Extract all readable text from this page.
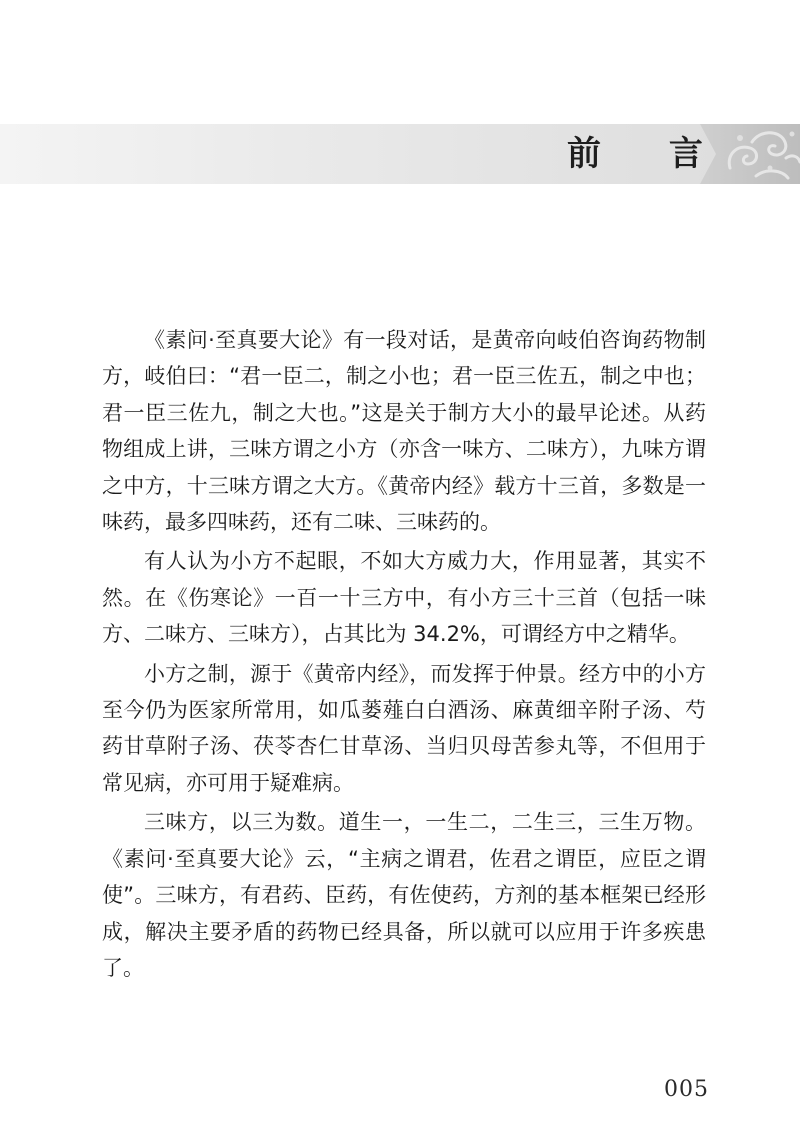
前 言

《素问·至真要大论》有一段对话，是黄帝向岐伯咨询药物制方，岐伯曰：“君一臣二，制之小也；君一臣三佐五，制之中也；君一臣三佐九，制之大也。”这是关于制方大小的最早论述。从药物组成上讲，三味方谓之小方（亦含一味方、二味方），九味方谓之中方，十三味方谓之大方。《黄帝内经》载方十三首，多数是一味药，最多四味药，还有二味、三味药的。

有人认为小方不起眼，不如大方威力大，作用显著，其实不然。在《伤寒论》一百一十三方中，有小方三十三首（包括一味方、二味方、三味方），占其比为 34.2%，可谓经方中之精华。

小方之制，源于《黄帝内经》，而发挥于仲景。经方中的小方至今仍为医家所常用，如瓜蒌薤白白酒汤、麻黄细辛附子汤、芍药甘草附子汤、茯苓杏仁甘草汤、当归贝母苦参丸等，不但用于常见病，亦可用于疑难病。

三味方，以三为数。道生一，一生二，二生三，三生万物。《素问·至真要大论》云，“主病之谓君，佐君之谓臣，应臣之谓使”。三味方，有君药、臣药，有佐使药，方剂的基本框架已经形成，解决主要矛盾的药物已经具备，所以就可以应用于许多疾患了。

005
